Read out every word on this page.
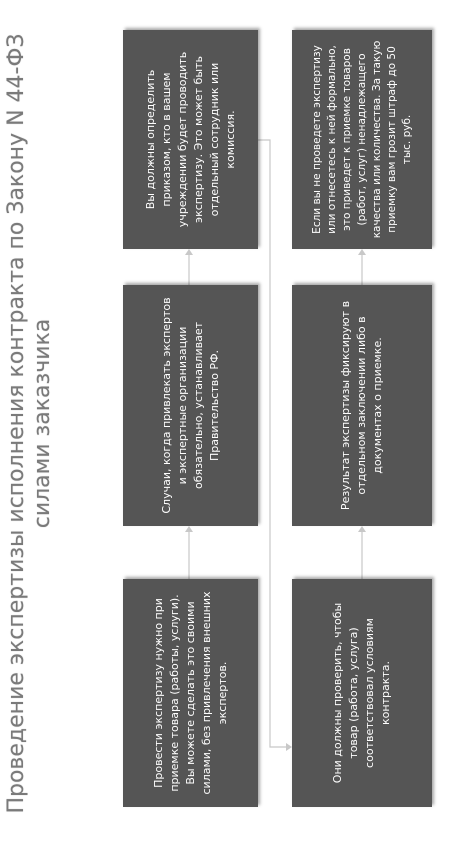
Проведение экспертизы исполнения контракта по Закону N 44-ФЗ силами заказчика
Провести экспертизу нужно при приемке товара (работы, услуги). Вы можете сделать это своими силами, без привлечения внешних экспертов.
Случаи, когда привлекать экспертов и экспертные организации обязательно, устанавливает Правительство РФ.
Вы должны определить приказом, кто в вашем учреждении будет проводить экспертизу. Это может быть отдельный сотрудник или комиссия.
Они должны проверить, чтобы товар (работа, услуга) соответствовал условиям контракта.
Результат экспертизы фиксируют в отдельном заключении либо в документах о приемке.
Если вы не проведете экспертизу или отнесетесь к ней формально, это приведет к приемке товаров (работ, услуг) ненадлежащего качества или количества. За такую приемку вам грозит штраф до 50 тыс. руб.
